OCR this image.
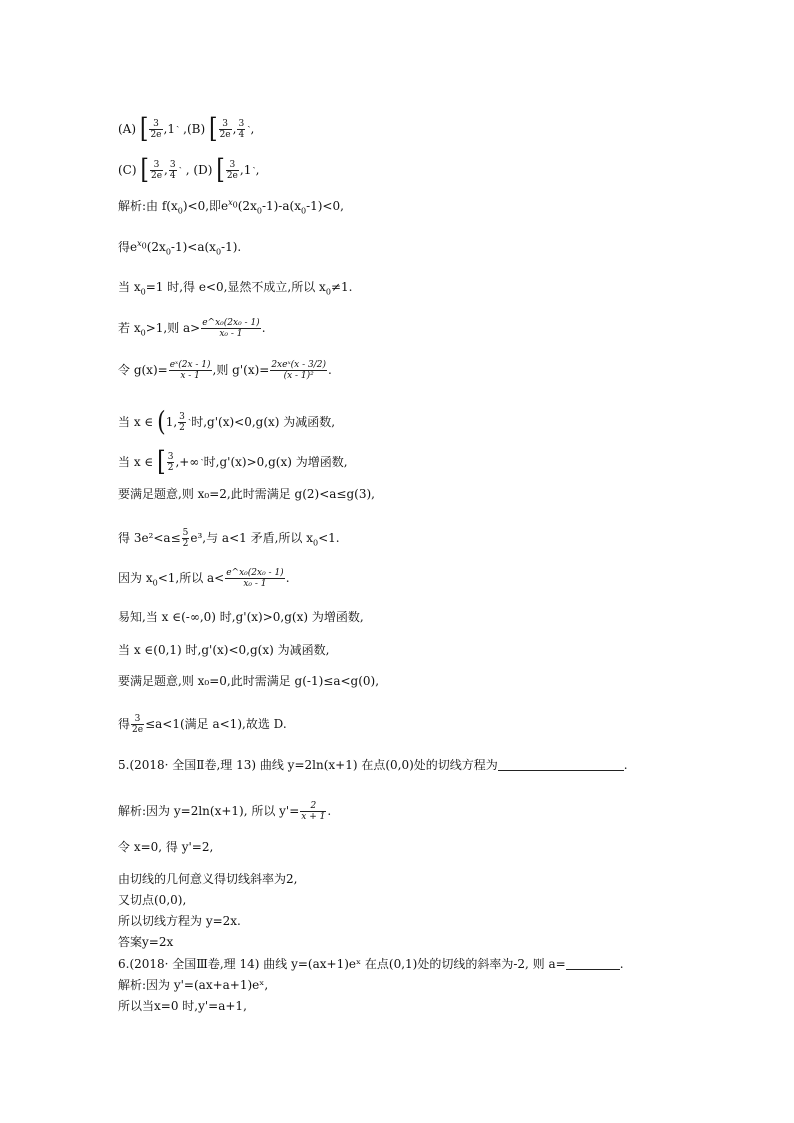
(A) [ $\frac{3}{2e}$ ,1ˎ ,(B) [ $\frac{3}{2e}$ , $\frac{3}{4}$ ˎ,
(C) [ $\frac{3}{2e}$ , $\frac{3}{4}$ ˎ , (D) [ $\frac{3}{2e}$ ,1ˎ,
解析:由 $f(x_0)<0$,即$e^{x_0}(2x_0-1)-a(x_0-1)<0$,
得$e^{x_0}(2x_0-1)<a(x_0-1)$.
当 $x_0=1$ 时,得 e<0,显然不成立,所以 $x_0\ne 1$.
若 $x_0>1$,则 $a> \frac{\text{e\textasciicircum{}x₀(2x₀ - 1)}}{\text{x₀ - 1}}$ .
令 $g(x)= \frac{\text{eˣ(2x - 1)}}{x - 1}$ ,则 $g'(x)= \frac{\text{2xeˣ(x - 3/2)}}{\text{(x - 1)²}}$ .
当 x ∈ (1, $\frac{3}{2}$ ˎ时,g'(x)<0,g(x) 为减函数,
当 x ∈ [ $\frac{3}{2}$ ,+∞ˎ时,g'(x)>0,g(x) 为增函数,
要满足题意,则 x₀=2,此时需满足 g(2)<a≤g(3),
得 $3e^2<a\le \frac{5}{2} e^3$,与 a<1 矛盾,所以 $x_0<1$.
因为 $x_0<1$,所以 $a< \frac{\text{e\textasciicircum{}x₀(2x₀ - 1)}}{\text{x₀ - 1}}$ .
易知,当 x ∈(-∞,0) 时,g'(x)>0,g(x) 为增函数,
当 x ∈(0,1) 时,g'(x)<0,g(x) 为减函数,
要满足题意,则 x₀=0,此时需满足 g(-1)≤a<g(0),
得 $\frac{3}{2e} \le a<1$(满足 a<1),故选 D.
5.(2018· 全国Ⅱ卷,理 13) 曲线 y=2ln(x+1) 在点(0,0)处的切线方程为	.
解析:因为 y=2ln(x+1), 所以 $y'= \frac{2}{x + 1}$ .
令 x=0, 得 y'=2,
由切线的几何意义得切线斜率为2,
又切点(0,0),
所以切线方程为 y=2x.
答案y=2x
6.(2018· 全国Ⅲ卷,理 14) 曲线 y=(ax+1)eˣ 在点(0,1)处的切线的斜率为-2, 则 a=	.
解析:因为 y'=(ax+a+1)eˣ,
所以当x=0 时,y'=a+1,
